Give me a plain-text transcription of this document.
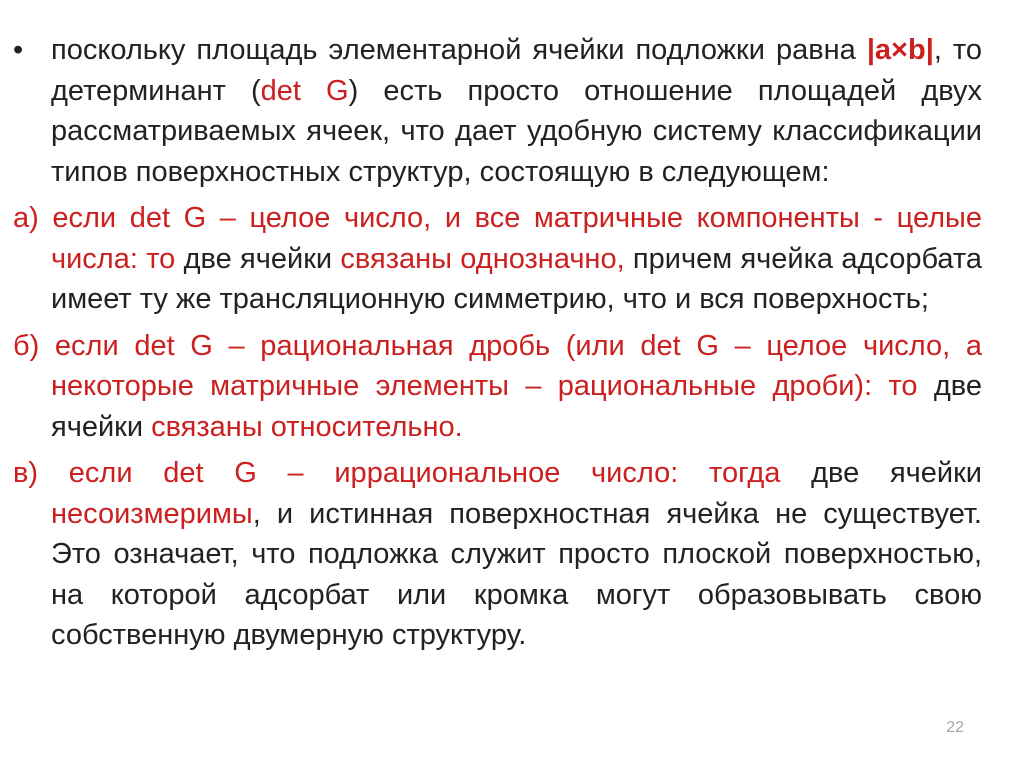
• поскольку площадь элементарной ячейки подложки равна |a×b|, то детерминант (det G) есть просто отношение площадей двух рассматриваемых ячеек, что дает удобную систему классификации типов поверхностных структур, состоящую в следующем:

а) если det G – целое число, и все матричные компоненты - целые числа: то две ячейки связаны однозначно, причем ячейка адсорбата имеет ту же трансляционную симметрию, что и вся поверхность;

б) если det G – рациональная дробь (или det G – целое число, а некоторые матричные элементы – рациональные дроби): то две ячейки связаны относительно.

в) если det G – иррациональное число: тогда две ячейки несоизмеримы, и истинная поверхностная ячейка не существует. Это означает, что подложка служит просто плоской поверхностью, на которой адсорбат или кромка могут образовывать свою собственную двумерную структуру.

22
